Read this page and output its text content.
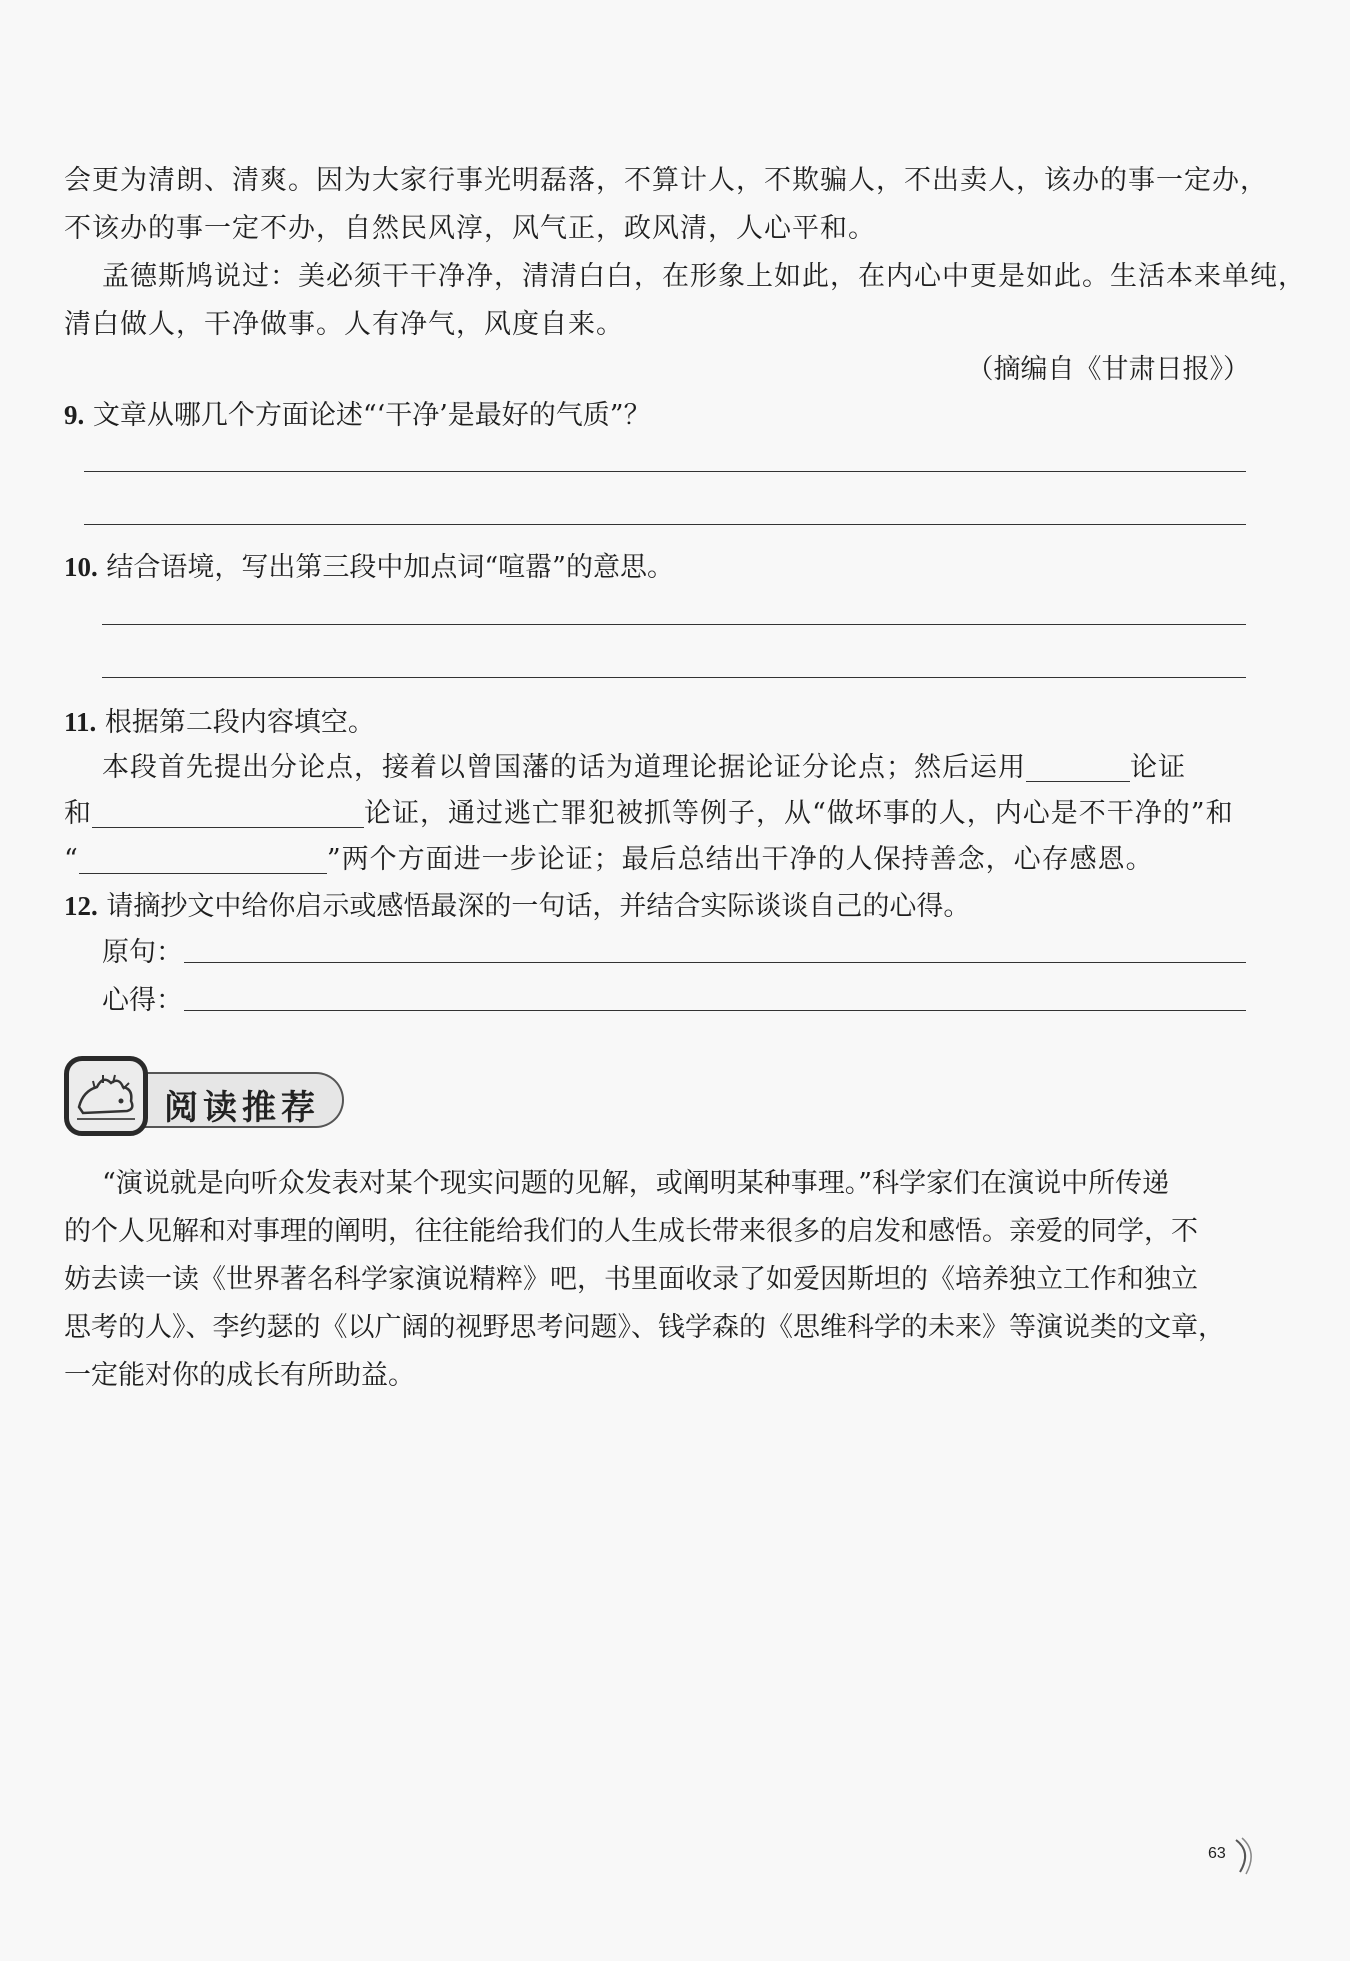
会更为清朗、清爽。因为大家行事光明磊落，不算计人，不欺骗人，不出卖人，该办的事一定办，
不该办的事一定不办，自然民风淳，风气正，政风清，人心平和。
孟德斯鸠说过：美必须干干净净，清清白白，在形象上如此，在内心中更是如此。生活本来单纯，
清白做人，干净做事。人有净气，风度自来。
（摘编自《甘肃日报》）
9. 文章从哪几个方面论述“‘干净’是最好的气质”？
10. 结合语境，写出第三段中加点词“喧嚣”的意思。
11. 根据第二段内容填空。
本段首先提出分论点，接着以曾国藩的话为道理论据论证分论点；然后运用	论证
和	论证，通过逃亡罪犯被抓等例子，从“做坏事的人，内心是不干净的”和
“	”两个方面进一步论证；最后总结出干净的人保持善念，心存感恩。
12. 请摘抄文中给你启示或感悟最深的一句话，并结合实际谈谈自己的心得。
原句：
心得：
阅读推荐
“演说就是向听众发表对某个现实问题的见解，或阐明某种事理。”科学家们在演说中所传递
的个人见解和对事理的阐明，往往能给我们的人生成长带来很多的启发和感悟。亲爱的同学，不
妨去读一读《世界著名科学家演说精粹》吧，书里面收录了如爱因斯坦的《培养独立工作和独立
思考的人》、李约瑟的《以广阔的视野思考问题》、钱学森的《思维科学的未来》等演说类的文章，
一定能对你的成长有所助益。
63
